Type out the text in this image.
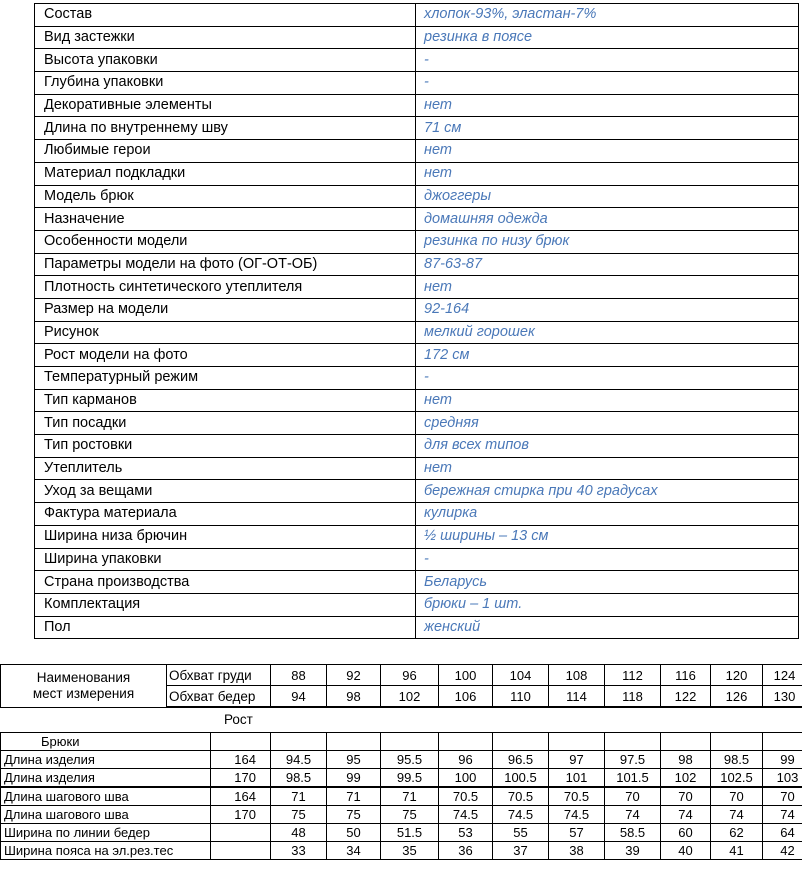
Состав	хлопок-93%, эластан-7%
Вид застежки	резинка в поясе
Высота упаковки	-
Глубина упаковки	-
Декоративные элементы	нет
Длина по внутреннему шву	71 см
Любимые герои	нет
Материал подкладки	нет
Модель брюк	джоггеры
Назначение	домашняя одежда
Особенности модели	резинка по низу брюк
Параметры модели на фото (ОГ-ОТ-ОБ)	87-63-87
Плотность синтетического утеплителя	нет
Размер на модели	92-164
Рисунок	мелкий горошек
Рост модели на фото	172 см
Температурный режим	-
Тип карманов	нет
Тип посадки	средняя
Тип ростовки	для всех типов
Утеплитель	нет
Уход за вещами	бережная стирка при 40 градусах
Фактура материала	кулирка
Ширина низа брючин	½ ширины – 13 см
Ширина упаковки	-
Страна производства	Беларусь
Комплектация	брюки – 1 шт.
Пол	женский
Наименования
мест измерения	Обхват груди	88	92	96	100	104	108	112	116	120	124
	Обхват бедер	94	98	102	106	110	114	118	122	126	130
Рост
Брюки											
Длина изделия	164	94.5	95	95.5	96	96.5	97	97.5	98	98.5	99
Длина изделия	170	98.5	99	99.5	100	100.5	101	101.5	102	102.5	103
Длина шагового шва	164	71	71	71	70.5	70.5	70.5	70	70	70	70
Длина шагового шва	170	75	75	75	74.5	74.5	74.5	74	74	74	74
Ширина по линии бедер		48	50	51.5	53	55	57	58.5	60	62	64
Ширина пояса на эл.рез.тес		33	34	35	36	37	38	39	40	41	42
